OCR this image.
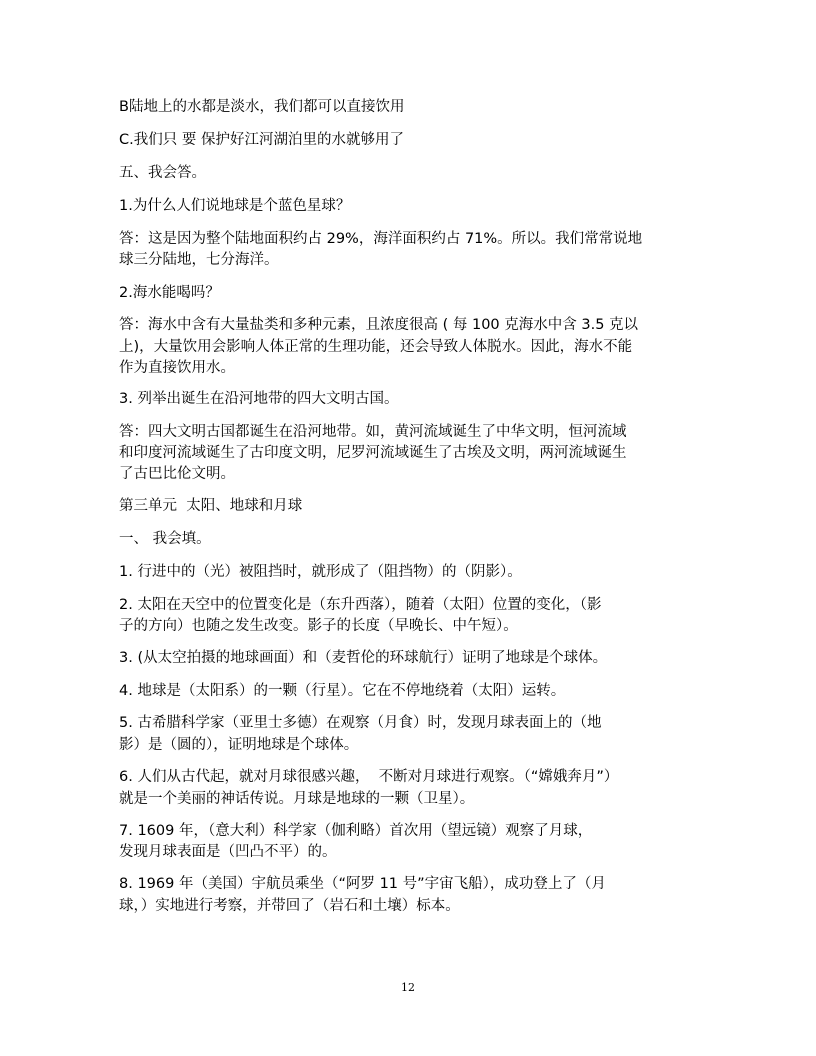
B陆地上的水都是淡水，我们都可以直接饮用

C.我们只 要 保护好江河湖泊里的水就够用了

五、我会答。

1.为什么人们说地球是个蓝色星球？

答：这是因为整个陆地面积约占 29%，海洋面积约占 71%。所以。我们常常说地

球三分陆地，七分海洋。

2.海水能喝吗？

答：海水中含有大量盐类和多种元素，且浓度很高 ( 每 100 克海水中含 3.5 克以

上)，大量饮用会影响人体正常的生理功能，还会导致人体脱水。因此，海水不能

作为直接饮用水。

3. 列举出诞生在沿河地带的四大文明古国。

答：四大文明古国都诞生在沿河地带。如，黄河流域诞生了中华文明，恒河流域

和印度河流域诞生了古印度文明，尼罗河流域诞生了古埃及文明，两河流域诞生

了古巴比伦文明。

第三单元  太阳、地球和月球

一、 我会填。

1. 行进中的（光）被阻挡时，就形成了（阻挡物）的（阴影）。

2. 太阳在天空中的位置变化是（东升西落），随着（太阳）位置的变化，（影

子的方向）也随之发生改变。影子的长度（早晚长、中午短）。

3. (从太空拍摄的地球画面）和（麦哲伦的环球航行）证明了地球是个球体。

4. 地球是（太阳系）的一颗（行星）。它在不停地绕着（太阳）运转。

5. 古希腊科学家（亚里士多德）在观察（月食）时，发现月球表面上的（地

影）是（圆的），证明地球是个球体。

6. 人们从古代起，就对月球很感兴趣，  不断对月球进行观察。（“嫦娥奔月”）

就是一个美丽的神话传说。月球是地球的一颗（卫星）。

7. 1609 年，（意大利）科学家（伽利略）首次用（望远镜）观察了月球，

发现月球表面是（凹凸不平）的。

8. 1969 年（美国）宇航员乘坐（“阿罗 11 号”宇宙飞船），成功登上了（月

球，）实地进行考察，并带回了（岩石和土壤）标本。

12
